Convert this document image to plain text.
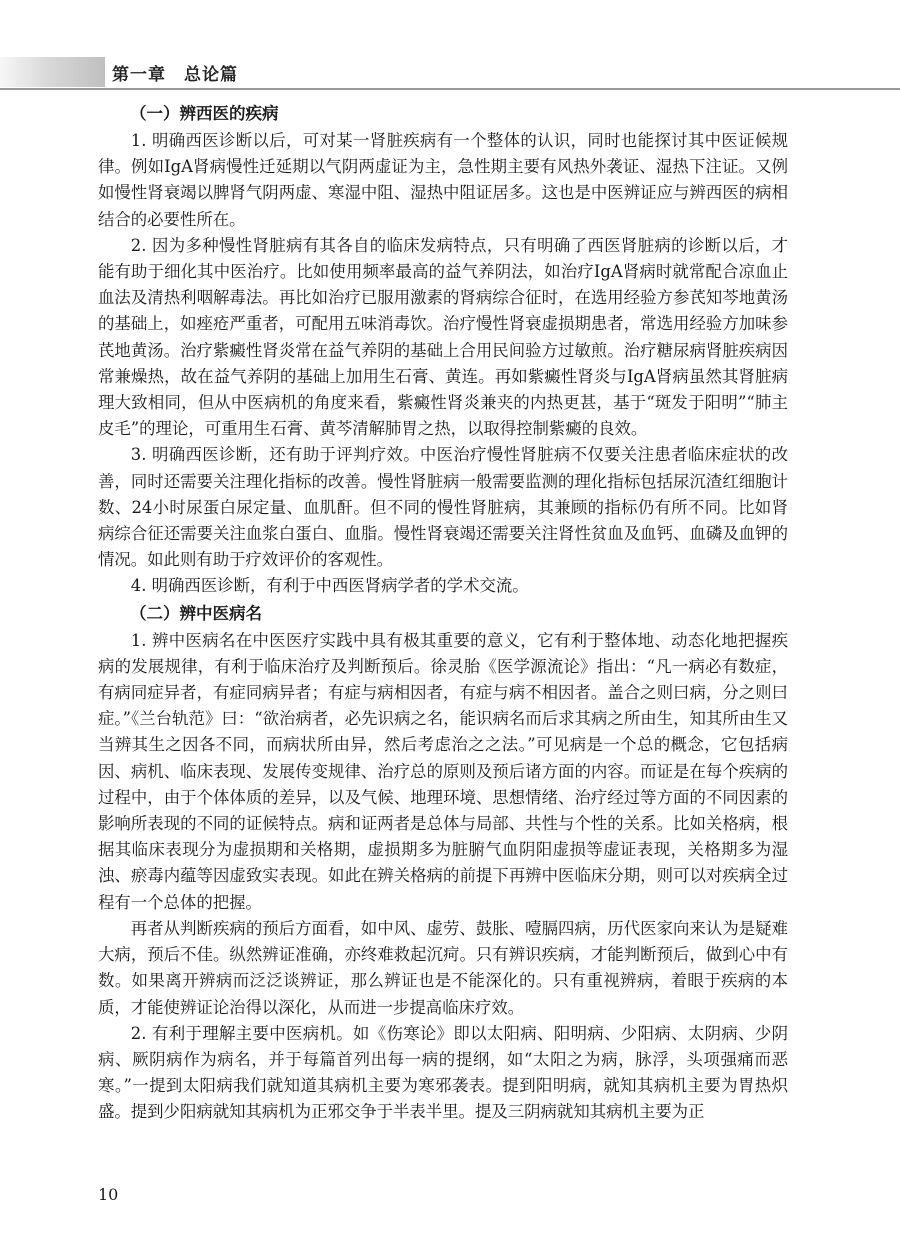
第一章　总论篇
（一）辨西医的疾病

1. 明确西医诊断以后，可对某一肾脏疾病有一个整体的认识，同时也能探讨其中医证候规律。例如IgA肾病慢性迁延期以气阴两虚证为主，急性期主要有风热外袭证、湿热下注证。又例如慢性肾衰竭以脾肾气阴两虚、寒湿中阻、湿热中阻证居多。这也是中医辨证应与辨西医的病相结合的必要性所在。

2. 因为多种慢性肾脏病有其各自的临床发病特点，只有明确了西医肾脏病的诊断以后，才能有助于细化其中医治疗。比如使用频率最高的益气养阴法，如治疗IgA肾病时就常配合凉血止血法及清热利咽解毒法。再比如治疗已服用激素的肾病综合征时，在选用经验方参芪知芩地黄汤的基础上，如痤疮严重者，可配用五味消毒饮。治疗慢性肾衰虚损期患者，常选用经验方加味参芪地黄汤。治疗紫癜性肾炎常在益气养阴的基础上合用民间验方过敏煎。治疗糖尿病肾脏疾病因常兼燥热，故在益气养阴的基础上加用生石膏、黄连。再如紫癜性肾炎与IgA肾病虽然其肾脏病理大致相同，但从中医病机的角度来看，紫癜性肾炎兼夹的内热更甚，基于“斑发于阳明”“肺主皮毛”的理论，可重用生石膏、黄芩清解肺胃之热，以取得控制紫癜的良效。

3. 明确西医诊断，还有助于评判疗效。中医治疗慢性肾脏病不仅要关注患者临床症状的改善，同时还需要关注理化指标的改善。慢性肾脏病一般需要监测的理化指标包括尿沉渣红细胞计数、24小时尿蛋白尿定量、血肌酐。但不同的慢性肾脏病，其兼顾的指标仍有所不同。比如肾病综合征还需要关注血浆白蛋白、血脂。慢性肾衰竭还需要关注肾性贫血及血钙、血磷及血钾的情况。如此则有助于疗效评价的客观性。

4. 明确西医诊断，有利于中西医肾病学者的学术交流。

（二）辨中医病名

1. 辨中医病名在中医医疗实践中具有极其重要的意义，它有利于整体地、动态化地把握疾病的发展规律，有利于临床治疗及判断预后。徐灵胎《医学源流论》指出：“凡一病必有数症，有病同症异者，有症同病异者；有症与病相因者，有症与病不相因者。盖合之则曰病，分之则曰症。”《兰台轨范》曰：“欲治病者，必先识病之名，能识病名而后求其病之所由生，知其所由生又当辨其生之因各不同，而病状所由异，然后考虑治之之法。”可见病是一个总的概念，它包括病因、病机、临床表现、发展传变规律、治疗总的原则及预后诸方面的内容。而证是在每个疾病的过程中，由于个体体质的差异，以及气候、地理环境、思想情绪、治疗经过等方面的不同因素的影响所表现的不同的证候特点。病和证两者是总体与局部、共性与个性的关系。比如关格病，根据其临床表现分为虚损期和关格期，虚损期多为脏腑气血阴阳虚损等虚证表现，关格期多为湿浊、瘀毒内蕴等因虚致实表现。如此在辨关格病的前提下再辨中医临床分期，则可以对疾病全过程有一个总体的把握。

再者从判断疾病的预后方面看，如中风、虚劳、鼓胀、噎膈四病，历代医家向来认为是疑难大病，预后不佳。纵然辨证准确，亦终难救起沉疴。只有辨识疾病，才能判断预后，做到心中有数。如果离开辨病而泛泛谈辨证，那么辨证也是不能深化的。只有重视辨病，着眼于疾病的本质，才能使辨证论治得以深化，从而进一步提高临床疗效。

2. 有利于理解主要中医病机。如《伤寒论》即以太阳病、阳明病、少阳病、太阴病、少阴病、厥阴病作为病名，并于每篇首列出每一病的提纲，如“太阳之为病，脉浮，头项强痛而恶寒。”一提到太阳病我们就知道其病机主要为寒邪袭表。提到阳明病，就知其病机主要为胃热炽盛。提到少阳病就知其病机为正邪交争于半表半里。提及三阴病就知其病机主要为正

10
